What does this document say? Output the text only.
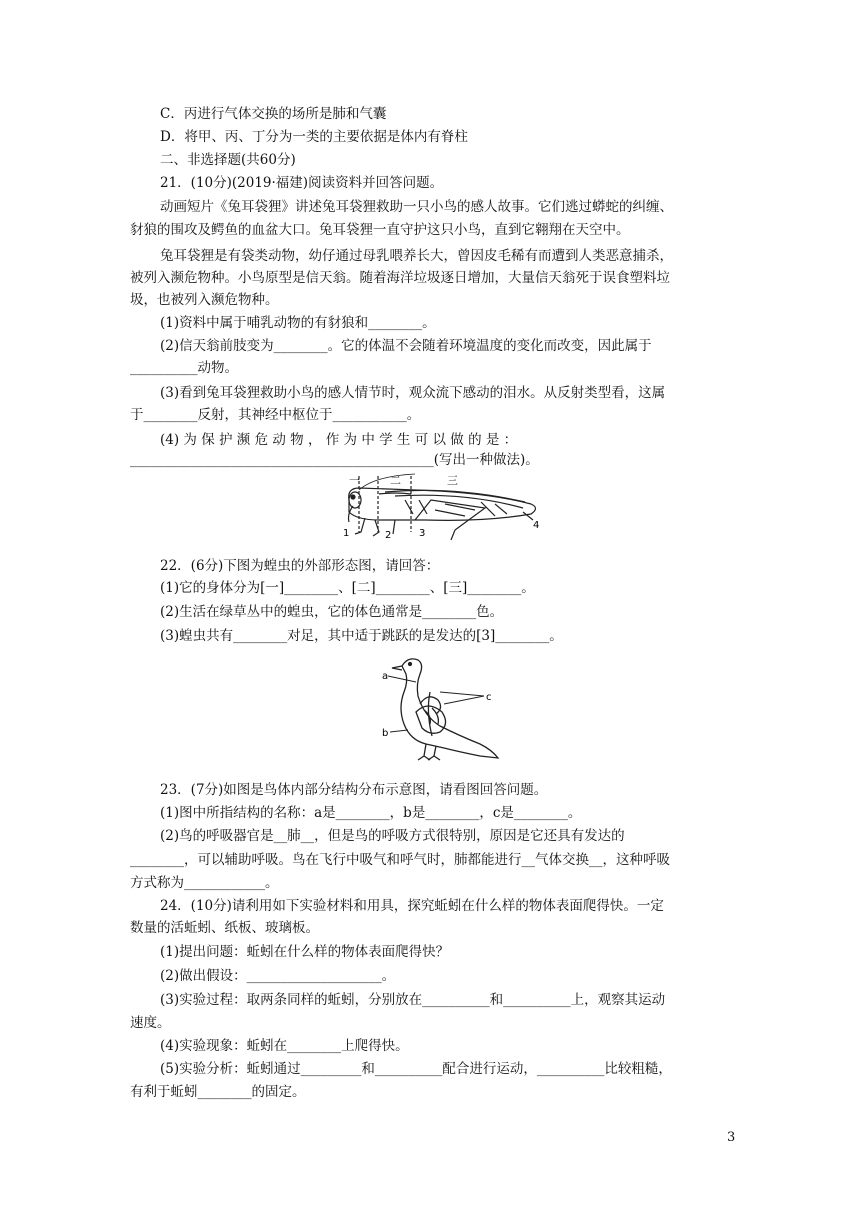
C．丙进行气体交换的场所是肺和气囊
D．将甲、丙、丁分为一类的主要依据是体内有脊柱
二、非选择题(共60分)
21．(10分)(2019·福建)阅读资料并回答问题。
动画短片《兔耳袋狸》讲述兔耳袋狸救助一只小鸟的感人故事。它们逃过蟒蛇的纠缠、
豺狼的围攻及鳄鱼的血盆大口。兔耳袋狸一直守护这只小鸟，直到它翱翔在天空中。
兔耳袋狸是有袋类动物，幼仔通过母乳喂养长大，曾因皮毛稀有而遭到人类恶意捕杀，
被列入濒危物种。小鸟原型是信天翁。随着海洋垃圾逐日增加，大量信天翁死于误食塑料垃
圾，也被列入濒危物种。
(1)资料中属于哺乳动物的有豺狼和________。
(2)信天翁前肢变为________。它的体温不会随着环境温度的变化而改变，因此属于
__________动物。
(3)看到兔耳袋狸救助小鸟的感人情节时，观众流下感动的泪水。从反射类型看，这属
于________反射，其神经中枢位于___________。
(4) 为 保 护 濒 危 动 物 ， 作 为 中 学 生 可 以 做 的 是 ：
_____________________________________________(写出一种做法)。
一	二	三
1	2	3
4
22．(6分)下图为蝗虫的外部形态图，请回答：
(1)它的身体分为[一]________、[二]________、[三]________。
(2)生活在绿草丛中的蝗虫，它的体色通常是________色。
(3)蝗虫共有________对足，其中适于跳跃的是发达的[3]________。
a
b
c
23．(7分)如图是鸟体内部分结构分布示意图，请看图回答问题。
(1)图中所指结构的名称：a是________，b是________，c是________。
(2)鸟的呼吸器官是__肺__，但是鸟的呼吸方式很特别，原因是它还具有发达的
________，可以辅助呼吸。鸟在飞行中吸气和呼气时，肺都能进行__气体交换__，这种呼吸
方式称为____________。
24．(10分)请利用如下实验材料和用具，探究蚯蚓在什么样的物体表面爬得快。一定
数量的活蚯蚓、纸板、玻璃板。
(1)提出问题：蚯蚓在什么样的物体表面爬得快？
(2)做出假设：____________________。
(3)实验过程：取两条同样的蚯蚓，分别放在__________和__________上，观察其运动
速度。
(4)实验现象：蚯蚓在________上爬得快。
(5)实验分析：蚯蚓通过_________和__________配合进行运动，__________比较粗糙，
有利于蚯蚓________的固定。
3
